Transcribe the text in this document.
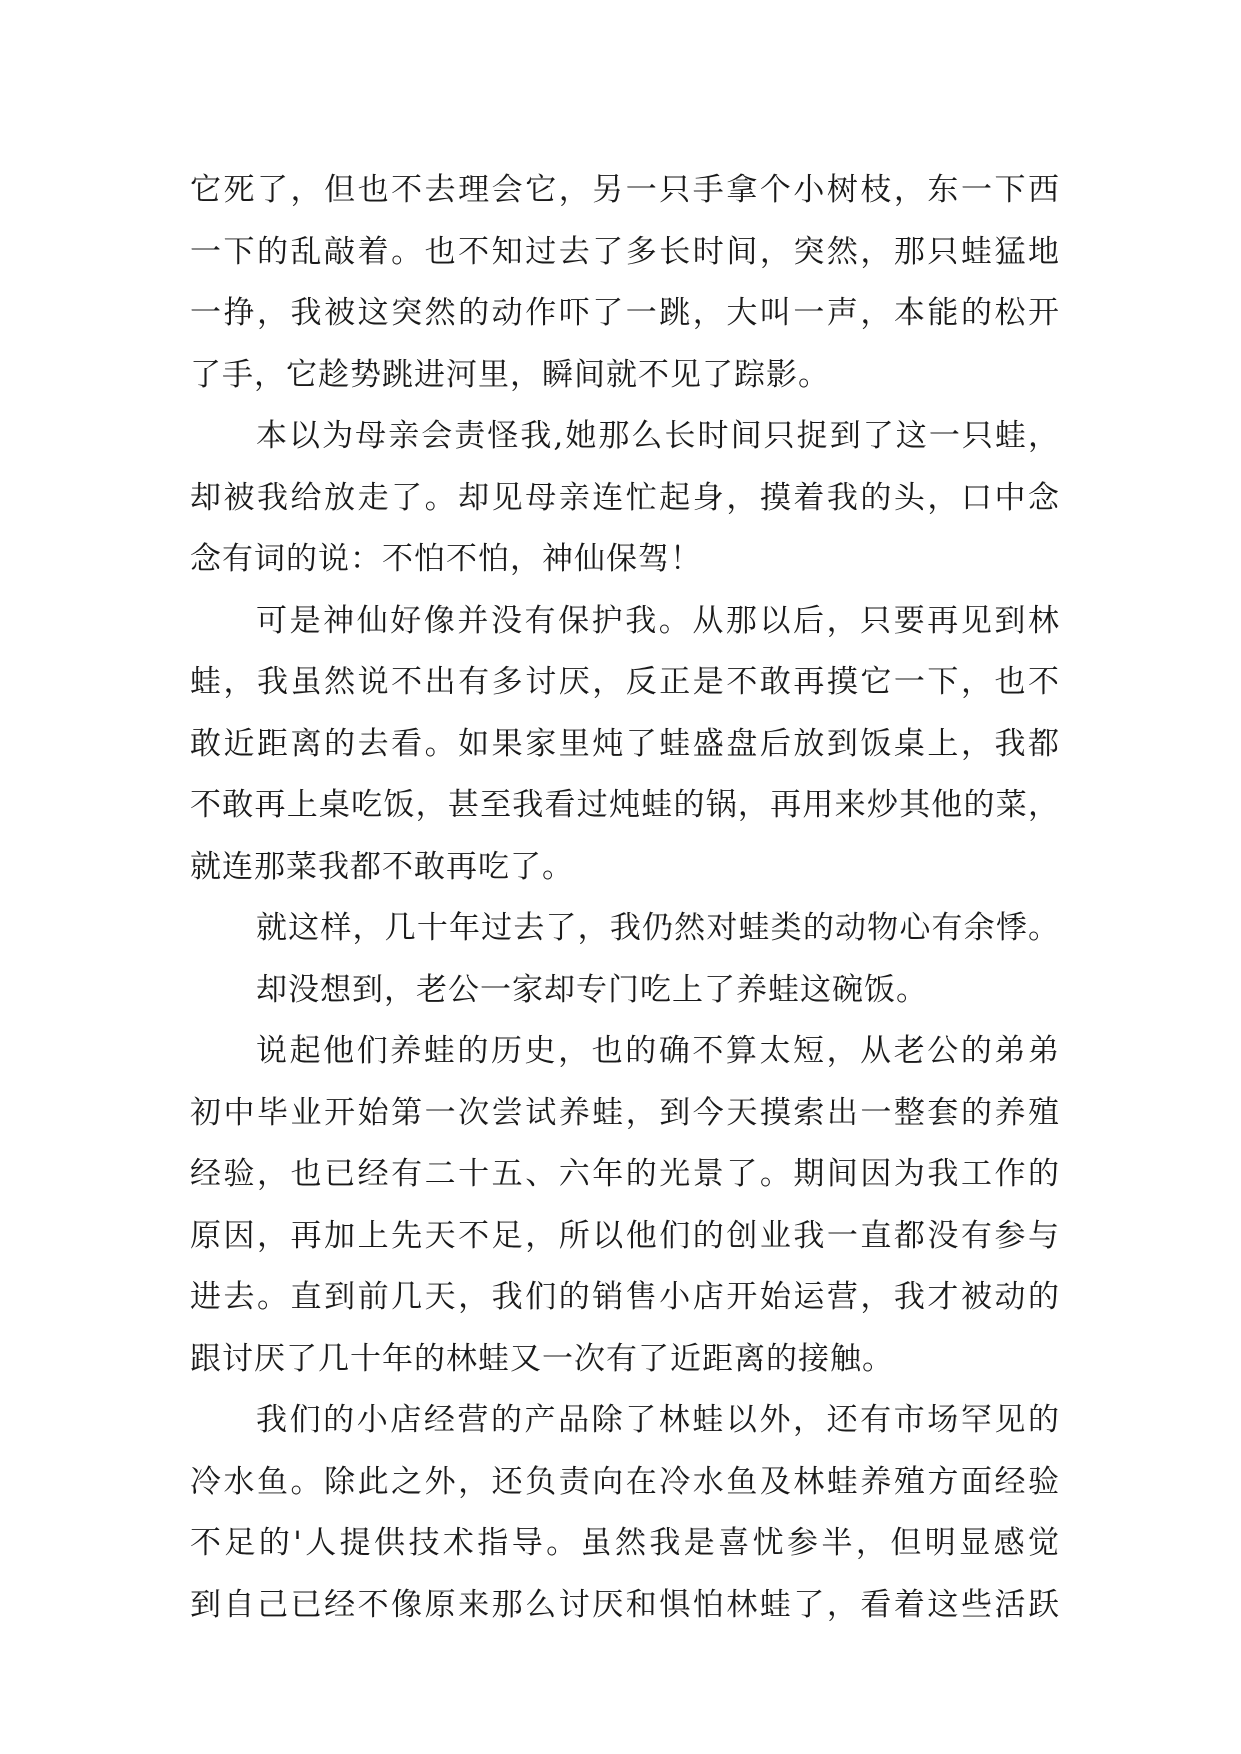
它死了，但也不去理会它，另一只手拿个小树枝，东一下西
一下的乱敲着。也不知过去了多长时间，突然，那只蛙猛地
一挣，我被这突然的动作吓了一跳，大叫一声，本能的松开
了手，它趁势跳进河里，瞬间就不见了踪影。
本以为母亲会责怪我,她那么长时间只捉到了这一只蛙，
却被我给放走了。却见母亲连忙起身，摸着我的头，口中念
念有词的说：不怕不怕，神仙保驾！
可是神仙好像并没有保护我。从那以后，只要再见到林
蛙，我虽然说不出有多讨厌，反正是不敢再摸它一下，也不
敢近距离的去看。如果家里炖了蛙盛盘后放到饭桌上，我都
不敢再上桌吃饭，甚至我看过炖蛙的锅，再用来炒其他的菜，
就连那菜我都不敢再吃了。
就这样，几十年过去了，我仍然对蛙类的动物心有余悸。
却没想到，老公一家却专门吃上了养蛙这碗饭。
说起他们养蛙的历史，也的确不算太短，从老公的弟弟
初中毕业开始第一次尝试养蛙，到今天摸索出一整套的养殖
经验，也已经有二十五、六年的光景了。期间因为我工作的
原因，再加上先天不足，所以他们的创业我一直都没有参与
进去。直到前几天，我们的销售小店开始运营，我才被动的
跟讨厌了几十年的林蛙又一次有了近距离的接触。
我们的小店经营的产品除了林蛙以外，还有市场罕见的
冷水鱼。除此之外，还负责向在冷水鱼及林蛙养殖方面经验
不足的'人提供技术指导。虽然我是喜忧参半，但明显感觉
到自己已经不像原来那么讨厌和惧怕林蛙了，看着这些活跃
